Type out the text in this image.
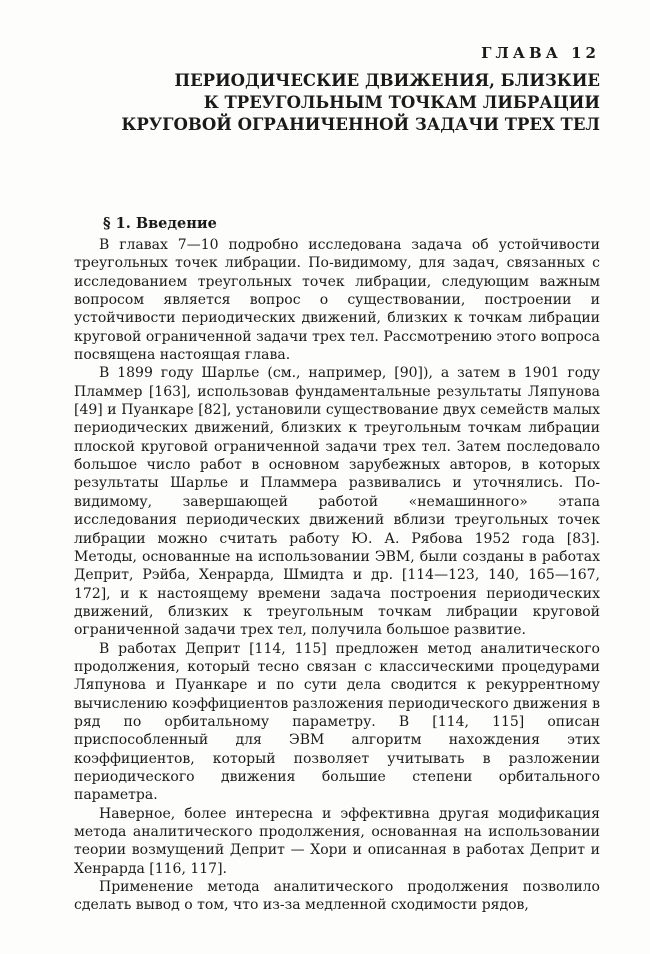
ГЛАВА 12
ПЕРИОДИЧЕСКИЕ ДВИЖЕНИЯ, БЛИЗКИЕ
К ТРЕУГОЛЬНЫМ ТОЧКАМ ЛИБРАЦИИ
КРУГОВОЙ ОГРАНИЧЕННОЙ ЗАДАЧИ ТРЕХ ТЕЛ
§ 1. Введение

В главах 7—10 подробно исследована задача об устойчивости треугольных точек либрации. По-видимому, для задач, связанных с исследованием треугольных точек либрации, следующим важным вопросом является вопрос о существовании, построении и устойчивости периодических движений, близких к точкам либрации круговой ограниченной задачи трех тел. Рассмотрению этого вопроса посвящена настоящая глава.

В 1899 году Шарлье (см., например, [90]), а затем в 1901 году Пламмер [163], использовав фундаментальные результаты Ляпунова [49] и Пуанкаре [82], установили существование двух семейств малых периодических движений, близких к треугольным точкам либрации плоской круговой ограниченной задачи трех тел. Затем последовало большое число работ в основном зарубежных авторов, в которых результаты Шарлье и Пламмера развивались и уточнялись. По-видимому, завершающей работой «немашинного» этапа исследования периодических движений вблизи треугольных точек либрации можно считать работу Ю. А. Рябова 1952 года [83]. Методы, основанные на использовании ЭВМ, были созданы в работах Деприт, Рэйба, Хенрарда, Шмидта и др. [114—123, 140, 165—167, 172], и к настоящему времени задача построения периодических движений, близких к треугольным точкам либрации круговой ограниченной задачи трех тел, получила большое развитие.

В работах Деприт [114, 115] предложен метод аналитического продолжения, который тесно связан с классическими процедурами Ляпунова и Пуанкаре и по сути дела сводится к рекуррентному вычислению коэффициентов разложения периодического движения в ряд по орбитальному параметру. В [114, 115] описан приспособленный для ЭВМ алгоритм нахождения этих коэффициентов, который позволяет учитывать в разложении периодического движения большие степени орбитального параметра.

Наверное, более интересна и эффективна другая модификация метода аналитического продолжения, основанная на использовании теории возмущений Деприт — Хори и описанная в работах Деприт и Хенрарда [116, 117].

Применение метода аналитического продолжения позволило сделать вывод о том, что из-за медленной сходимости рядов,
